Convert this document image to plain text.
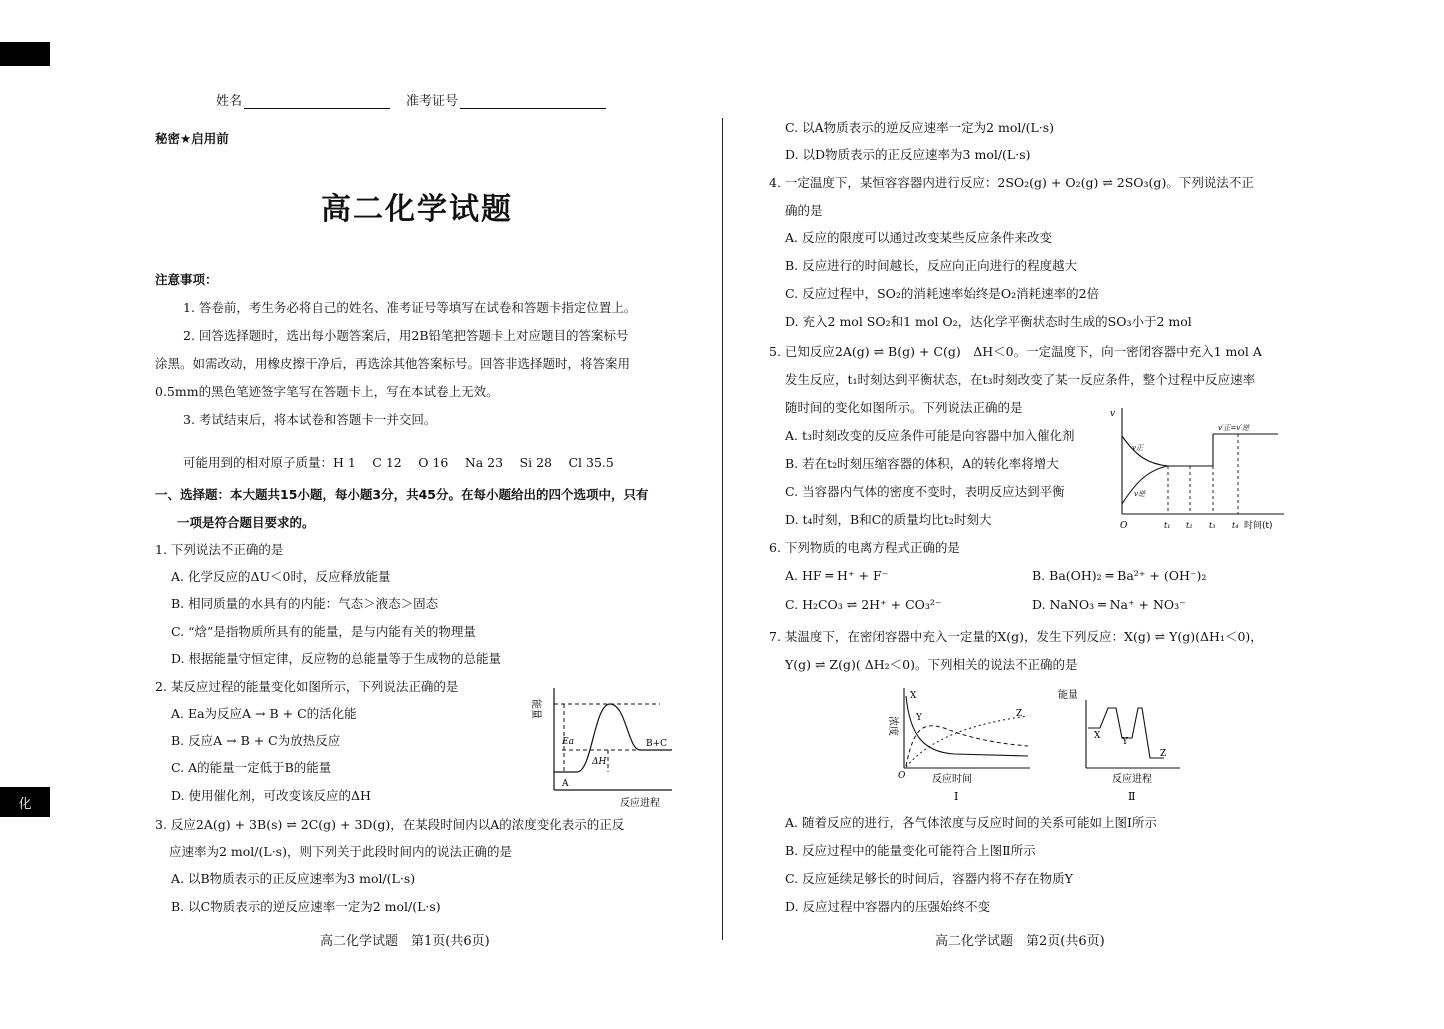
化
姓名	准考证号
秘密★启用前
高二化学试题
注意事项：
1. 答卷前，考生务必将自己的姓名、准考证号等填写在试卷和答题卡指定位置上。
2. 回答选择题时，选出每小题答案后，用2B铅笔把答题卡上对应题目的答案标号
涂黑。如需改动，用橡皮擦干净后，再选涂其他答案标号。回答非选择题时，将答案用
0.5mm的黑色笔迹签字笔写在答题卡上，写在本试卷上无效。
3. 考试结束后，将本试卷和答题卡一并交回。
可能用到的相对原子质量：H 1　 C 12　 O 16　 Na 23　 Si 28　 Cl 35.5
一、选择题：本大题共15小题，每小题3分，共45分。在每小题给出的四个选项中，只有
一项是符合题目要求的。
1. 下列说法不正确的是
A. 化学反应的ΔU＜0时，反应释放能量
B. 相同质量的水具有的内能：气态＞液态＞固态
C. “焓”是指物质所具有的能量，是与内能有关的物理量
D. 根据能量守恒定律，反应物的总能量等于生成物的总能量
2. 某反应过程的能量变化如图所示，下列说法正确的是
A. Ea为反应A → B + C的活化能
B. 反应A → B + C为放热反应
C. A的能量一定低于B的能量
D. 使用催化剂，可改变该反应的ΔH
3. 反应2A(g) + 3B(s) ⇌ 2C(g) + 3D(g)，在某段时间内以A的浓度变化表示的正反
应速率为2 mol/(L·s)，则下列关于此段时间内的说法正确的是
A. 以B物质表示的正反应速率为3 mol/(L·s)
B. 以C物质表示的逆反应速率一定为2 mol/(L·s)
能量
Ea
ΔH
A
B+C
反应进程
C. 以A物质表示的逆反应速率一定为2 mol/(L·s)
D. 以D物质表示的正反应速率为3 mol/(L·s)
4. 一定温度下，某恒容容器内进行反应：2SO₂(g) + O₂(g) ⇌ 2SO₃(g)。下列说法不正
确的是
A. 反应的限度可以通过改变某些反应条件来改变
B. 反应进行的时间越长，反应向正向进行的程度越大
C. 反应过程中，SO₂的消耗速率始终是O₂消耗速率的2倍
D. 充入2 mol SO₂和1 mol O₂，达化学平衡状态时生成的SO₃小于2 mol
5. 已知反应2A(g) ⇌ B(g) + C(g)　ΔH＜0。一定温度下，向一密闭容器中充入1 mol A
发生反应，t₁时刻达到平衡状态，在t₃时刻改变了某一反应条件，整个过程中反应速率
随时间的变化如图所示。下列说法正确的是
A. t₃时刻改变的反应条件可能是向容器中加入催化剂
B. 若在t₂时刻压缩容器的体积，A的转化率将增大
C. 当容器内气体的密度不变时，表明反应达到平衡
D. t₄时刻，B和C的质量均比t₂时刻大
6. 下列物质的电离方程式正确的是
A. HF ═ H⁺ + F⁻	B. Ba(OH)₂ ═ Ba²⁺ + (OH⁻)₂
C. H₂CO₃ ⇌ 2H⁺ + CO₃²⁻	D. NaNO₃ ═ Na⁺ + NO₃⁻
7. 某温度下，在密闭容器中充入一定量的X(g)，发生下列反应：X(g) ⇌ Y(g)(ΔH₁＜0)，
Y(g) ⇌ Z(g)( ΔH₂＜0)。下列相关的说法不正确的是
A. 随着反应的进行，各气体浓度与反应时间的关系可能如上图Ⅰ所示
B. 反应过程中的能量变化可能符合上图Ⅱ所示
C. 反应延续足够长的时间后，容器内将不存在物质Y
D. 反应过程中容器内的压强始终不变
v
O
v正
v逆
v′正=v′逆
t₁ t₂ t₃ t₄ 时间(t)
X
Y	Z
浓度
O	反应时间
Ⅰ
能量
X
Y
Z
反应进程
Ⅱ
高二化学试题　第1页(共6页)	高二化学试题　第2页(共6页)
